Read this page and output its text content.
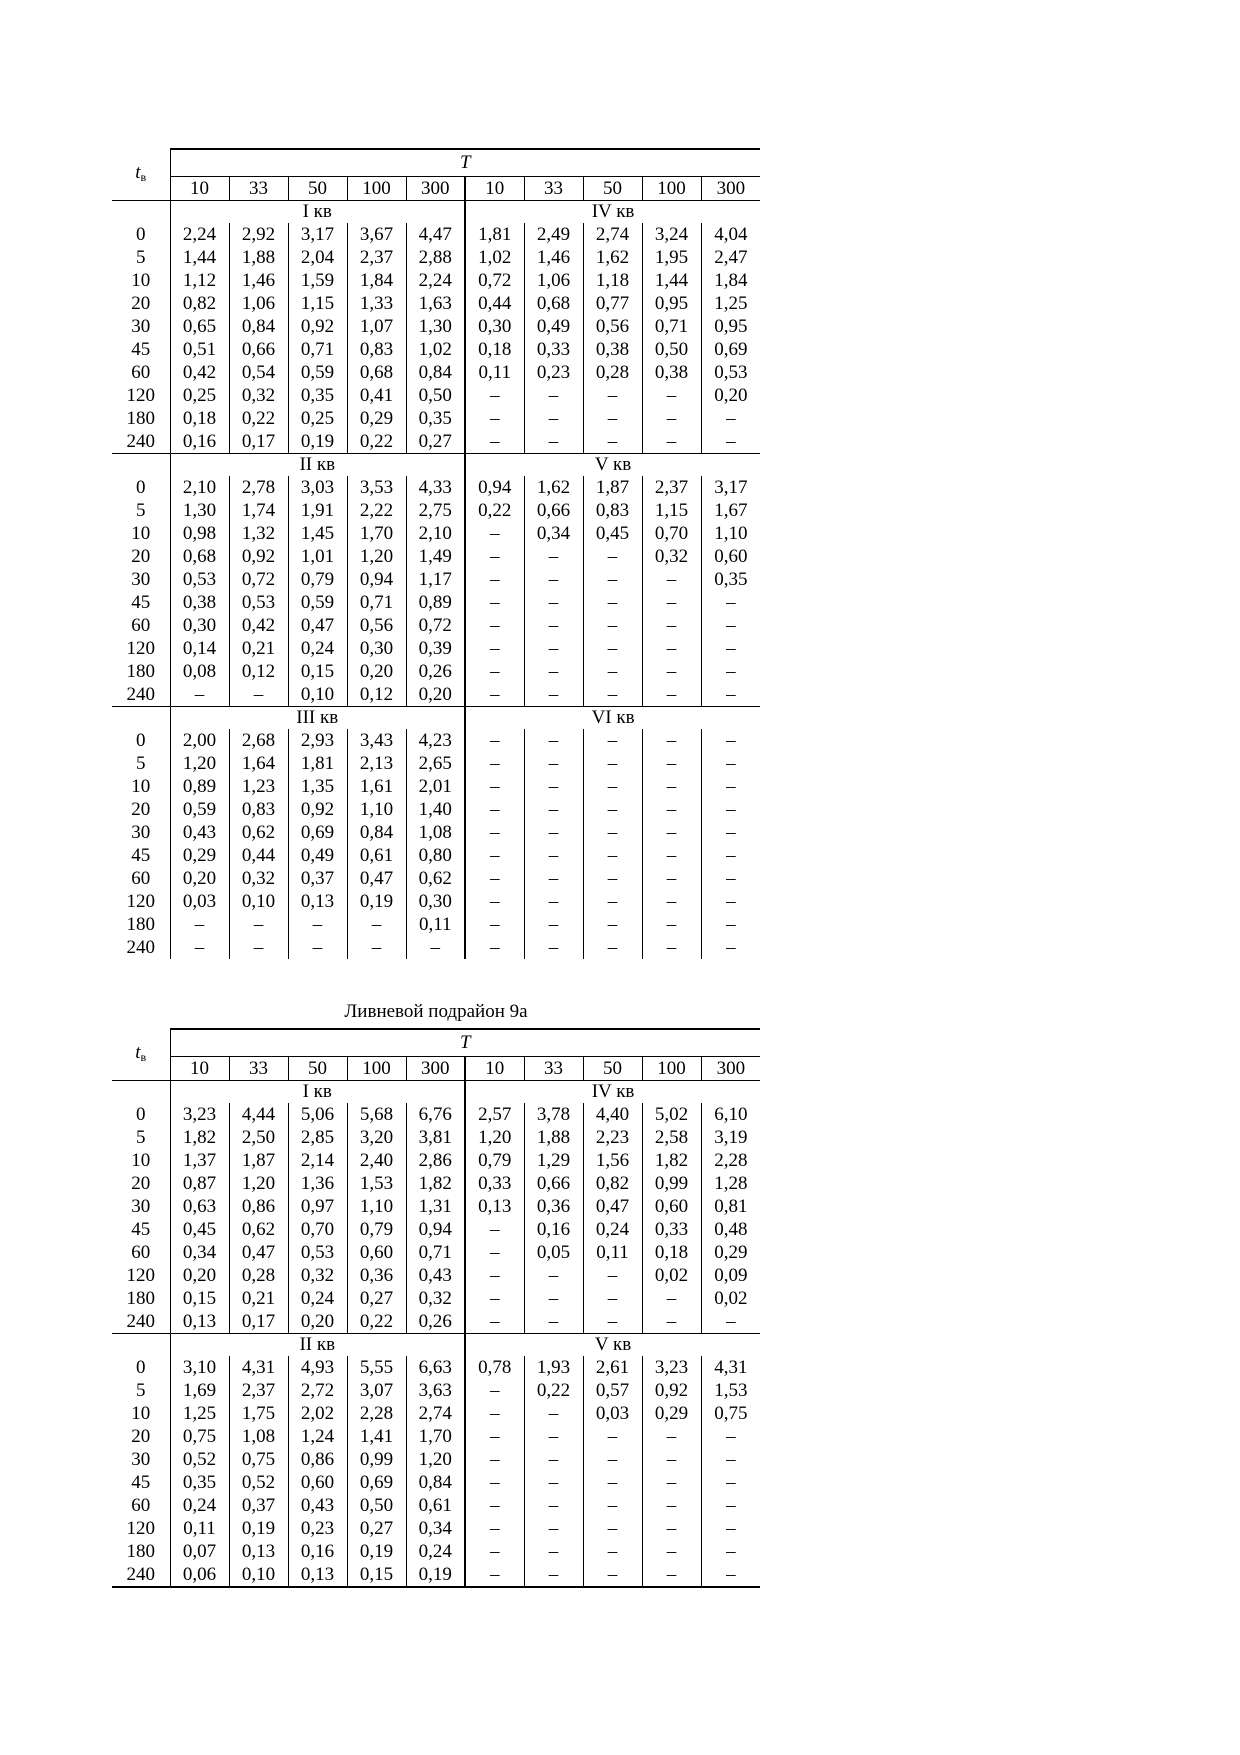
$t_в$	T									
	10	33	50	100	300	10	33	50	100	300
	I кв					IV кв				
0	2,24	2,92	3,17	3,67	4,47	1,81	2,49	2,74	3,24	4,04
5	1,44	1,88	2,04	2,37	2,88	1,02	1,46	1,62	1,95	2,47
10	1,12	1,46	1,59	1,84	2,24	0,72	1,06	1,18	1,44	1,84
20	0,82	1,06	1,15	1,33	1,63	0,44	0,68	0,77	0,95	1,25
30	0,65	0,84	0,92	1,07	1,30	0,30	0,49	0,56	0,71	0,95
45	0,51	0,66	0,71	0,83	1,02	0,18	0,33	0,38	0,50	0,69
60	0,42	0,54	0,59	0,68	0,84	0,11	0,23	0,28	0,38	0,53
120	0,25	0,32	0,35	0,41	0,50	–	–	–	–	0,20
180	0,18	0,22	0,25	0,29	0,35	–	–	–	–	–
240	0,16	0,17	0,19	0,22	0,27	–	–	–	–	–
	II кв					V кв				
0	2,10	2,78	3,03	3,53	4,33	0,94	1,62	1,87	2,37	3,17
5	1,30	1,74	1,91	2,22	2,75	0,22	0,66	0,83	1,15	1,67
10	0,98	1,32	1,45	1,70	2,10	–	0,34	0,45	0,70	1,10
20	0,68	0,92	1,01	1,20	1,49	–	–	–	0,32	0,60
30	0,53	0,72	0,79	0,94	1,17	–	–	–	–	0,35
45	0,38	0,53	0,59	0,71	0,89	–	–	–	–	–
60	0,30	0,42	0,47	0,56	0,72	–	–	–	–	–
120	0,14	0,21	0,24	0,30	0,39	–	–	–	–	–
180	0,08	0,12	0,15	0,20	0,26	–	–	–	–	–
240	–	–	0,10	0,12	0,20	–	–	–	–	–
	III кв					VI кв				
0	2,00	2,68	2,93	3,43	4,23	–	–	–	–	–
5	1,20	1,64	1,81	2,13	2,65	–	–	–	–	–
10	0,89	1,23	1,35	1,61	2,01	–	–	–	–	–
20	0,59	0,83	0,92	1,10	1,40	–	–	–	–	–
30	0,43	0,62	0,69	0,84	1,08	–	–	–	–	–
45	0,29	0,44	0,49	0,61	0,80	–	–	–	–	–
60	0,20	0,32	0,37	0,47	0,62	–	–	–	–	–
120	0,03	0,10	0,13	0,19	0,30	–	–	–	–	–
180	–	–	–	–	0,11	–	–	–	–	–
240	–	–	–	–	–	–	–	–	–	–
Ливневой подрайон 9а
$t_в$	T									
	10	33	50	100	300	10	33	50	100	300
	I кв					IV кв				
0	3,23	4,44	5,06	5,68	6,76	2,57	3,78	4,40	5,02	6,10
5	1,82	2,50	2,85	3,20	3,81	1,20	1,88	2,23	2,58	3,19
10	1,37	1,87	2,14	2,40	2,86	0,79	1,29	1,56	1,82	2,28
20	0,87	1,20	1,36	1,53	1,82	0,33	0,66	0,82	0,99	1,28
30	0,63	0,86	0,97	1,10	1,31	0,13	0,36	0,47	0,60	0,81
45	0,45	0,62	0,70	0,79	0,94	–	0,16	0,24	0,33	0,48
60	0,34	0,47	0,53	0,60	0,71	–	0,05	0,11	0,18	0,29
120	0,20	0,28	0,32	0,36	0,43	–	–	–	0,02	0,09
180	0,15	0,21	0,24	0,27	0,32	–	–	–	–	0,02
240	0,13	0,17	0,20	0,22	0,26	–	–	–	–	–
	II кв					V кв				
0	3,10	4,31	4,93	5,55	6,63	0,78	1,93	2,61	3,23	4,31
5	1,69	2,37	2,72	3,07	3,63	–	0,22	0,57	0,92	1,53
10	1,25	1,75	2,02	2,28	2,74	–	–	0,03	0,29	0,75
20	0,75	1,08	1,24	1,41	1,70	–	–	–	–	–
30	0,52	0,75	0,86	0,99	1,20	–	–	–	–	–
45	0,35	0,52	0,60	0,69	0,84	–	–	–	–	–
60	0,24	0,37	0,43	0,50	0,61	–	–	–	–	–
120	0,11	0,19	0,23	0,27	0,34	–	–	–	–	–
180	0,07	0,13	0,16	0,19	0,24	–	–	–	–	–
240	0,06	0,10	0,13	0,15	0,19	–	–	–	–	–
